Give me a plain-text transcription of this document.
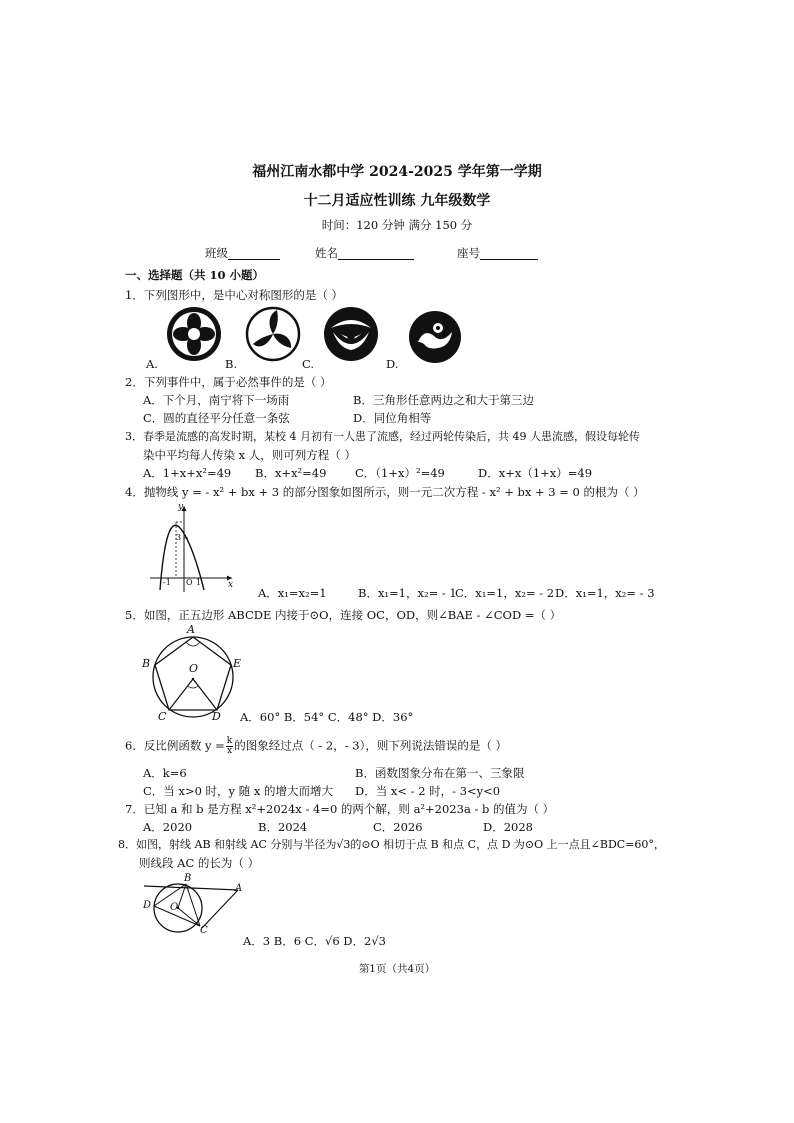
福州江南水都中学 2024-2025 学年第一学期
十二月适应性训练 九年级数学
时间：120 分钟 满分 150 分
班级	姓名	座号
一、选择题（共 10 小题）
1．下列图形中，是中心对称图形的是（ ）
A.	B.	C.	D.
2．下列事件中，属于必然事件的是（ ）
A．下个月，南宁将下一场雨	B．三角形任意两边之和大于第三边
C．圆的直径平分任意一条弦	D．同位角相等
3．春季是流感的高发时期，某校 4 月初有一人患了流感，经过两轮传染后，共 49 人患流感，假设每轮传
染中平均每人传染 x 人，则可列方程（ ）
A．1+x+x²=49 B．x+x²=49 C．（1+x）²=49	D．x+x（1+x）=49
4．抛物线 y = - x² + bx + 3 的部分图象如图所示，则一元二次方程 - x² + bx + 3 = 0 的根为（ ）
y
x
O
-1	1
3
A．x₁=x₂=1	B．x₁=1，x₂= - 1
C．x₁=1，x₂= - 2 D．x₁=1，x₂= - 3
5．如图，正五边形 ABCDE 内接于⊙O，连接 OC，OD，则∠BAE - ∠COD =（ ）
A
B	E
O
C	D A．60° B．54° C．48° D．36°
6．反比例函数 $y = \frac{k}{x}$ 的图象经过点（ - 2，- 3），则下列说法错误的是（ ）
A．k=6	B．函数图象分布在第一、三象限
C．当 x>0 时，y 随 x 的增大而增大 D．当 x< - 2 时，- 3<y<0
7．已知 a 和 b 是方程 x²+2024x - 4=0 的两个解，则 a²+2023a - b 的值为（ ）
A．2020	B．2024	C．2026	D．2028
8．如图，射线 AB 和射线 AC 分别与半径为√3的⊙O 相切于点 B 和点 C，点 D 为⊙O 上一点且∠BDC=60°，
则线段 AC 的长为（ ）
B
A
D O
C
A．3 B．6 C．√6 D．2√3
第1页（共4页）
